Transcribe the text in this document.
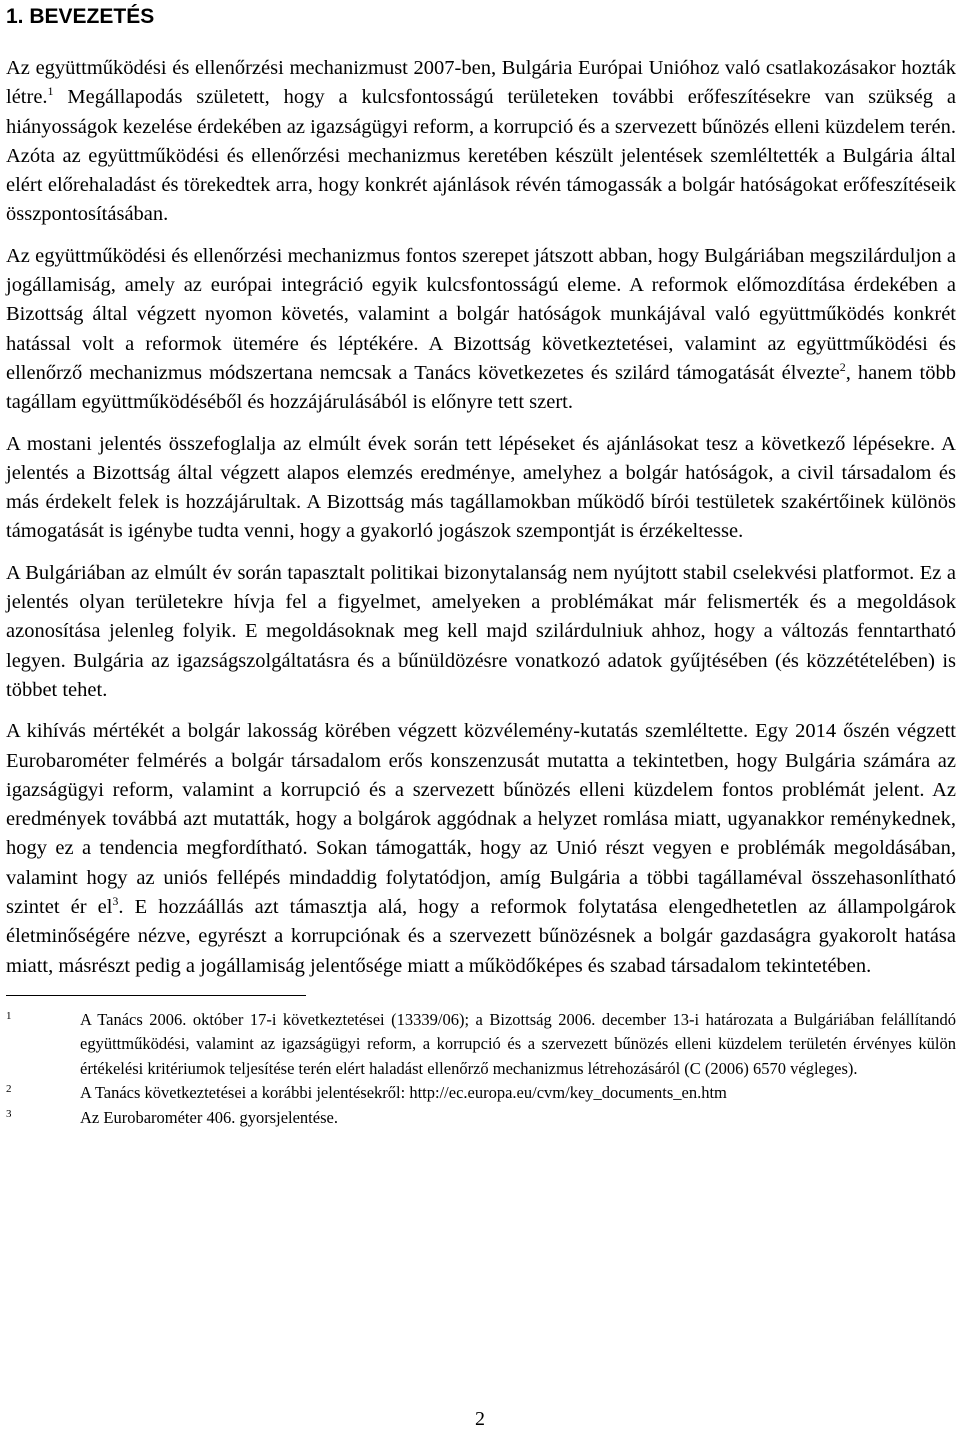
1. BEVEZETÉS

Az együttműködési és ellenőrzési mechanizmust 2007-ben, Bulgária Európai Unióhoz való csatlakozásakor hozták létre.$^1$ Megállapodás született, hogy a kulcsfontosságú területeken további erőfeszítésekre van szükség a hiányosságok kezelése érdekében az igazságügyi reform, a korrupció és a szervezett bűnözés elleni küzdelem terén. Azóta az együttműködési és ellenőrzési mechanizmus keretében készült jelentések szemléltették a Bulgária által elért előrehaladást és törekedtek arra, hogy konkrét ajánlások révén támogassák a bolgár hatóságokat erőfeszítéseik összpontosításában.

Az együttműködési és ellenőrzési mechanizmus fontos szerepet játszott abban, hogy Bulgáriában megszilárduljon a jogállamiság, amely az európai integráció egyik kulcsfontosságú eleme. A reformok előmozdítása érdekében a Bizottság által végzett nyomon követés, valamint a bolgár hatóságok munkájával való együttműködés konkrét hatással volt a reformok ütemére és léptékére. A Bizottság következtetései, valamint az együttműködési és ellenőrző mechanizmus módszertana nemcsak a Tanács következetes és szilárd támogatását élvezte$^2$, hanem több tagállam együttműködéséből és hozzájárulásából is előnyre tett szert.

A mostani jelentés összefoglalja az elmúlt évek során tett lépéseket és ajánlásokat tesz a következő lépésekre. A jelentés a Bizottság által végzett alapos elemzés eredménye, amelyhez a bolgár hatóságok, a civil társadalom és más érdekelt felek is hozzájárultak. A Bizottság más tagállamokban működő bírói testületek szakértőinek különös támogatását is igénybe tudta venni, hogy a gyakorló jogászok szempontját is érzékeltesse.

A Bulgáriában az elmúlt év során tapasztalt politikai bizonytalanság nem nyújtott stabil cselekvési platformot. Ez a jelentés olyan területekre hívja fel a figyelmet, amelyeken a problémákat már felismerték és a megoldások azonosítása jelenleg folyik. E megoldásoknak meg kell majd szilárdulniuk ahhoz, hogy a változás fenntartható legyen. Bulgária az igazságszolgáltatásra és a bűnüldözésre vonatkozó adatok gyűjtésében (és közzétételében) is többet tehet.

A kihívás mértékét a bolgár lakosság körében végzett közvélemény-kutatás szemléltette. Egy 2014 őszén végzett Eurobarométer felmérés a bolgár társadalom erős konszenzusát mutatta a tekintetben, hogy Bulgária számára az igazságügyi reform, valamint a korrupció és a szervezett bűnözés elleni küzdelem fontos problémát jelent. Az eredmények továbbá azt mutatták, hogy a bolgárok aggódnak a helyzet romlása miatt, ugyanakkor reménykednek, hogy ez a tendencia megfordítható. Sokan támogatták, hogy az Unió részt vegyen e problémák megoldásában, valamint hogy az uniós fellépés mindaddig folytatódjon, amíg Bulgária a többi tagállaméval összehasonlítható szintet ér $el^3$. E hozzáállás azt támasztja alá, hogy a reformok folytatása elengedhetetlen az állampolgárok életminőségére nézve, egyrészt a korrupciónak és a szervezett bűnözésnek a bolgár gazdaságra gyakorolt hatása miatt, másrészt pedig a jogállamiság jelentősége miatt a működőképes és szabad társadalom tekintetében.

1	A Tanács 2006. október 17-i következtetései (13339/06); a Bizottság 2006. december 13-i határozata a Bulgáriában felállítandó együttműködési, valamint az igazságügyi reform, a korrupció és a szervezett bűnözés elleni küzdelem területén érvényes külön értékelési kritériumok teljesítése terén elért haladást ellenőrző mechanizmus létrehozásáról (C (2006) 6570 végleges).
2	A Tanács következtetései a korábbi jelentésekről: http://ec.europa.eu/cvm/key_documents_en.htm
3	Az Eurobarométer 406. gyorsjelentése.
2
